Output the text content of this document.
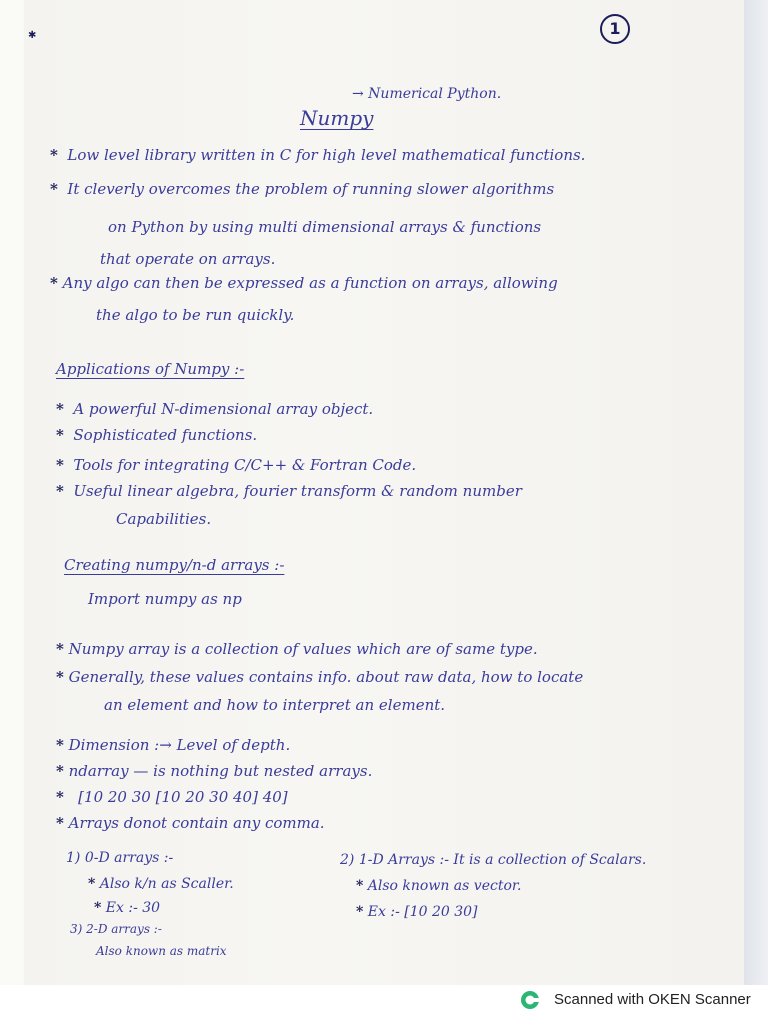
✱	1
Numpy
→ Numerical Python.
* Low level library written in C for high level mathematical functions.
* It cleverly overcomes the problem of running slower algorithms
on Python by using multi dimensional arrays & functions
that operate on arrays.
* Any algo can then be expressed as a function on arrays, allowing
the algo to be run quickly.
Applications of Numpy :-
* A powerful N-dimensional array object.
* Sophisticated functions.
* Tools for integrating C/C++ & Fortran Code.
* Useful linear algebra, fourier transform & random number
Capabilities.
Creating numpy/n-d arrays :-
Import numpy as np
* Numpy array is a collection of values which are of same type.
* Generally, these values contains info. about raw data, how to locate
an element and how to interpret an element.
* Dimension :→ Level of depth.
* ndarray — is nothing but nested arrays.
* [10 20 30 [10 20 30 40] 40]
* Arrays donot contain any comma.
1) 0-D arrays :-
* Also k/n as Scaller.
* Ex :- 30
2) 1-D Arrays :- It is a collection of Scalars.
* Also known as vector.
* Ex :- [10 20 30]
3) 2-D arrays :-
Also known as matrix
Scanned with OKEN Scanner
